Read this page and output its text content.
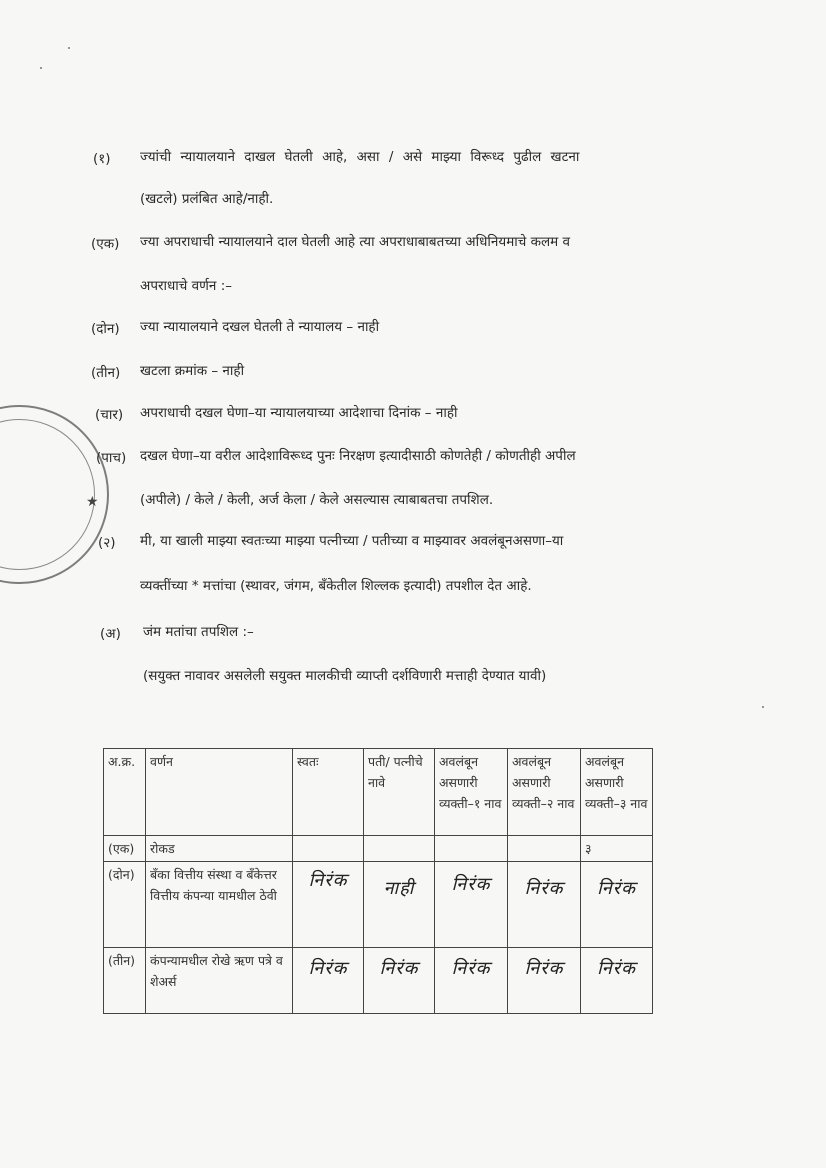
★
(१) ज्यांची न्यायालयाने दाखल घेतली आहे, असा / असे माझ्या विरूध्द पुढील खटना
(खटले) प्रलंबित आहे/नाही.
(एक) ज्या अपराधाची न्यायालयाने दाल घेतली आहे त्या अपराधाबाबतच्या अधिनियमाचे कलम व
अपराधाचे वर्णन :–
(दोन) ज्या न्यायालयाने दखल घेतली ते न्यायालय – नाही
(तीन) खटला क्रमांक – नाही
(चार) अपराधाची दखल घेणा–या न्यायालयाच्या आदेशाचा दिनांक – नाही
(पाच) दखल घेणा–या वरील आदेशाविरूध्द पुनः निरक्षण इत्यादीसाठी कोणतेही / कोणतीही अपील
(अपीले) / केले / केली, अर्ज केला / केले असल्यास त्याबाबतचा तपशिल.
(२) मी, या खाली माझ्या स्वतःच्या माझ्या पत्नीच्या / पतीच्या व माझ्यावर अवलंबूनअसणा–या
व्यक्तींच्या * मत्तांचा (स्थावर, जंगम, बॅंकेतील शिल्लक इत्यादी) तपशील देत आहे.
(अ) जंम मतांचा तपशिल :–
(सयुक्त नावावर असलेली सयुक्त मालकीची व्याप्ती दर्शविणारी मत्ताही देण्यात यावी)
अ.क्र.	वर्णन	स्वतः	पती/ पत्नीचे नावे	अवलंबून असणारी व्यक्ती–१ नाव	अवलंबून असणारी व्यक्ती–२ नाव	अवलंबून असणारी व्यक्ती–३ नाव
(एक)	रोकड					३
(दोन)	बॅंका वित्तीय संस्था व बॅंकेत्तर वित्तीय कंपन्या यामधील ठेवी	निरंक	नाही	निरंक	निरंक	निरंक

(तीन)	कंपन्यामधील रोखे ऋण पत्रे व शेअर्स	निरंक	निरंक	निरंक	निरंक	निरंक
